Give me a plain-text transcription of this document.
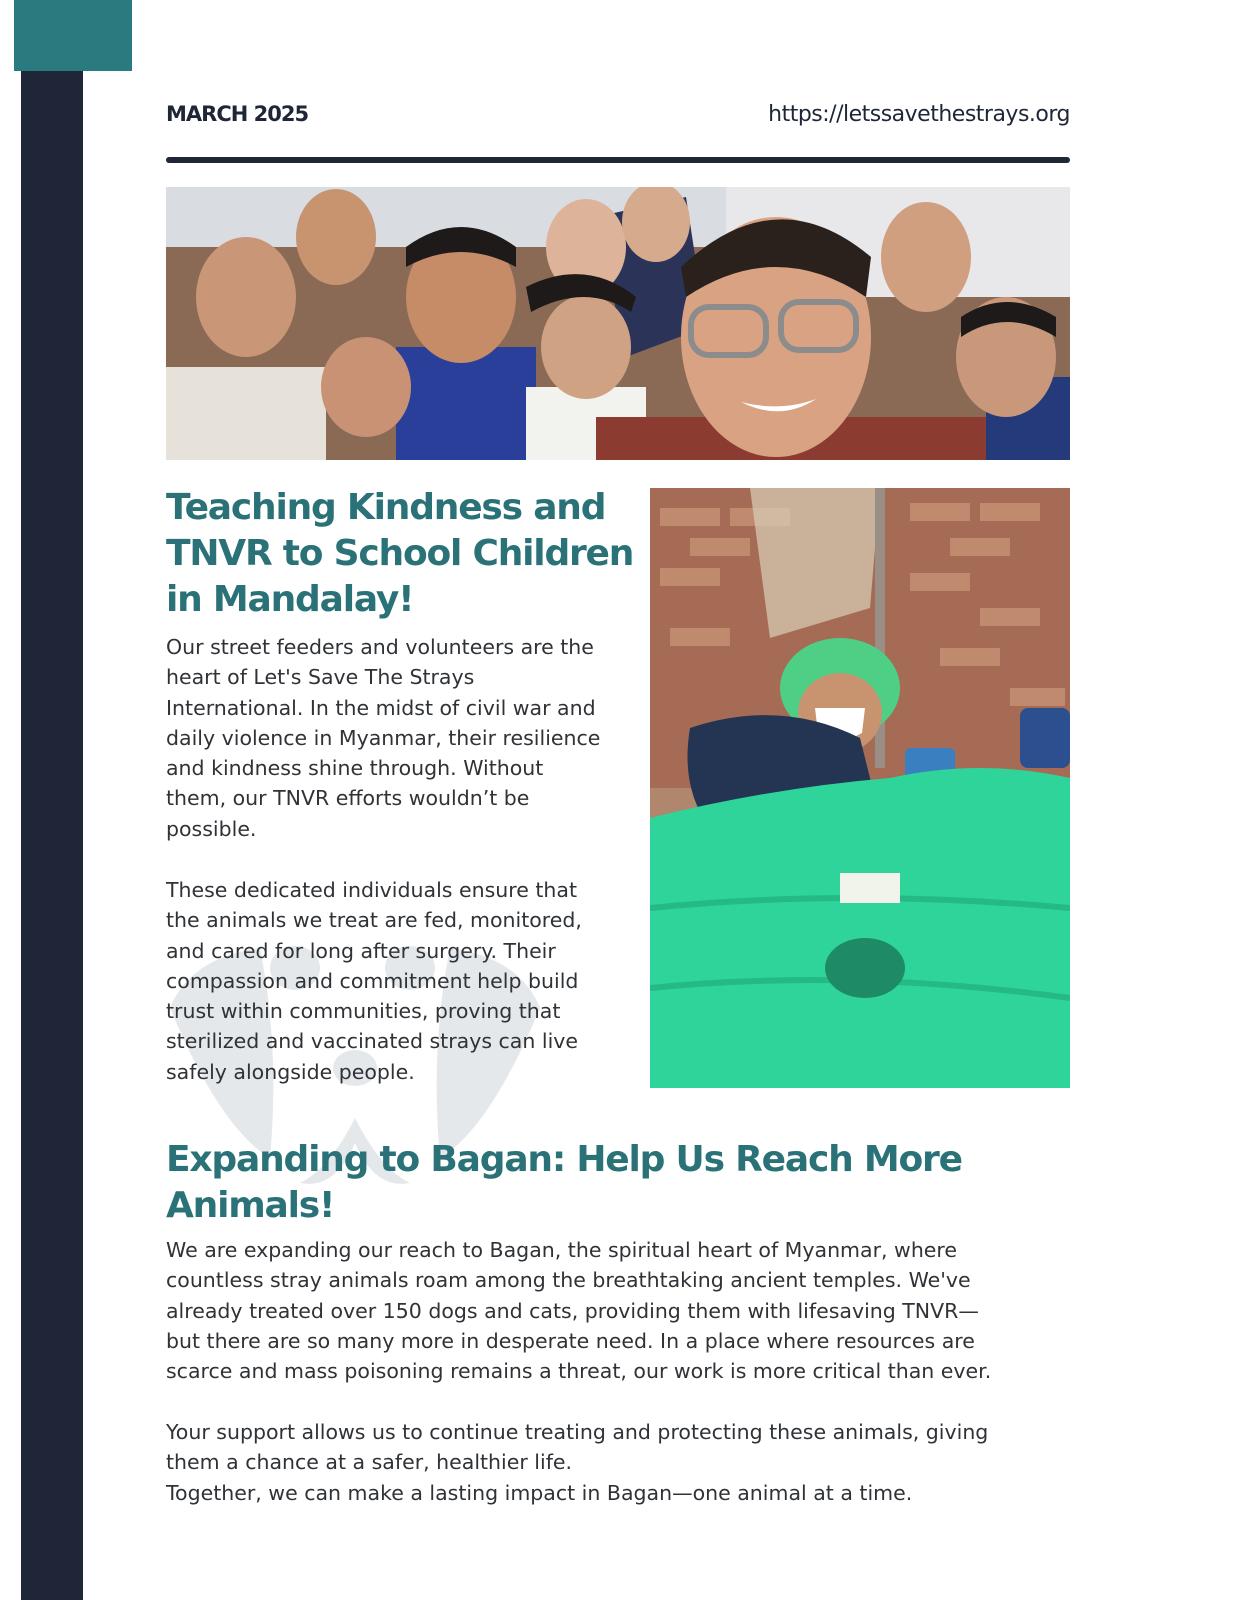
MARCH 2025	https://letssavethestrays.org
Teaching Kindness and TNVR to School Children in Mandalay!

Our street feeders and volunteers are the
heart of Let's Save The Strays
International. In the midst of civil war and
daily violence in Myanmar, their resilience
and kindness shine through. Without
them, our TNVR efforts wouldn’t be
possible.

These dedicated individuals ensure that
the animals we treat are fed, monitored,
and cared for long after surgery. Their
compassion and commitment help build
trust within communities, proving that
sterilized and vaccinated strays can live
safely alongside people.

Expanding to Bagan: Help Us Reach More Animals!

We are expanding our reach to Bagan, the spiritual heart of Myanmar, where
countless stray animals roam among the breathtaking ancient temples. We've
already treated over 150 dogs and cats, providing them with lifesaving TNVR—
but there are so many more in desperate need. In a place where resources are
scarce and mass poisoning remains a threat, our work is more critical than ever.

Your support allows us to continue treating and protecting these animals, giving
them a chance at a safer, healthier life.
Together, we can make a lasting impact in Bagan—one animal at a time.
